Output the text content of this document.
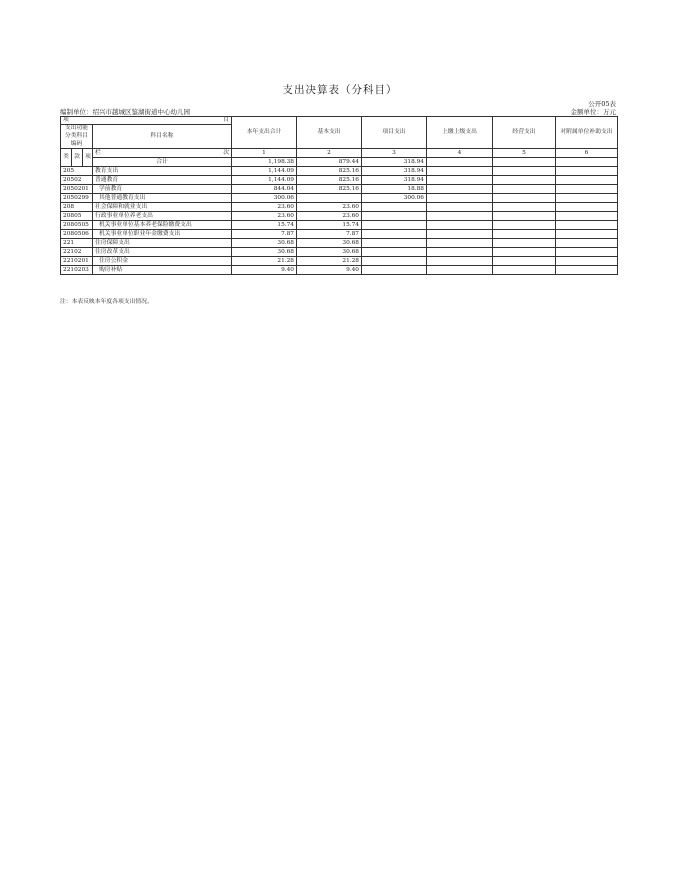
支出决算表（分科目）
公开05表
编制单位：绍兴市越城区鉴湖街道中心幼儿园	金额单位：万元
项 目				本年支出合计	基本支出	项目支出	上缴上级支出	经营支出	对附属单位补助支出
支出功能分类科目编码			科目名称						

类	款	项	栏 次	1	2	3	4	5	6
			合计	1,198.38	879.44	318.94			
205			教育支出	1,144.09	825.16	318.94			
20502			普通教育	1,144.09	825.16	318.94			
2050201			学前教育	844.04	825.16	18.88			
2050299			其他普通教育支出	300.06		300.06			
208			社会保障和就业支出	23.60	23.60				
20805			行政事业单位养老支出	23.60	23.60				
2080505			机关事业单位基本养老保险缴费支出	15.74	15.74				
2080506			机关事业单位职业年金缴费支出	7.87	7.87				
221			住房保障支出	30.68	30.68				
22102			住房改革支出	30.68	30.68				
2210201			住房公积金	21.28	21.28				
2210203			购房补贴	9.40	9.40				
注：本表反映本年度各项支出情况。
